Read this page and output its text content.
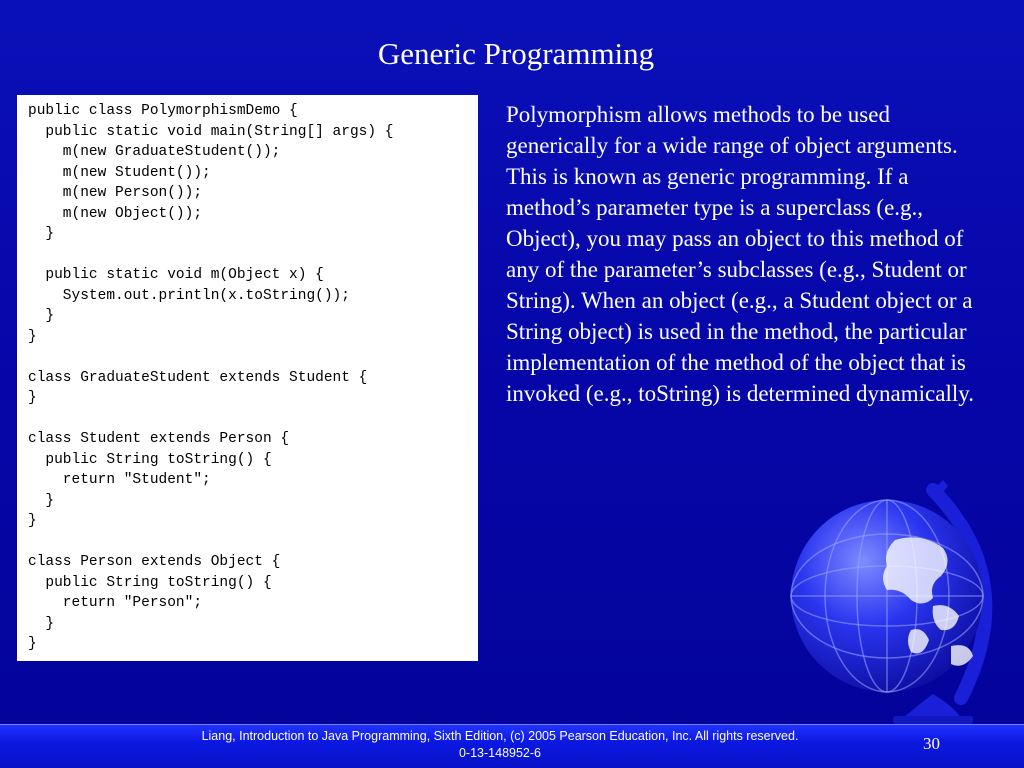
Generic Programming
public class PolymorphismDemo {
public static void main(String[] args) {
m(new GraduateStudent());
m(new Student());
m(new Person());
m(new Object());
}

public static void m(Object x) {
System.out.println(x.toString());
}
}

class GraduateStudent extends Student {
}

class Student extends Person {
public String toString() {
return "Student";
}
}

class Person extends Object {
public String toString() {
return "Person";
}
}
Polymorphism allows methods to be used generically for a wide range of object arguments. This is known as generic programming. If a method’s parameter type is a superclass (e.g., Object), you may pass an object to this method of any of the parameter’s subclasses (e.g., Student or String). When an object (e.g., a Student object or a String object) is used in the method, the particular implementation of the method of the object that is invoked (e.g., toString) is determined dynamically.
Liang, Introduction to Java Programming, Sixth Edition, (c) 2005 Pearson Education, Inc. All rights reserved. 0-13-148952-6	30
